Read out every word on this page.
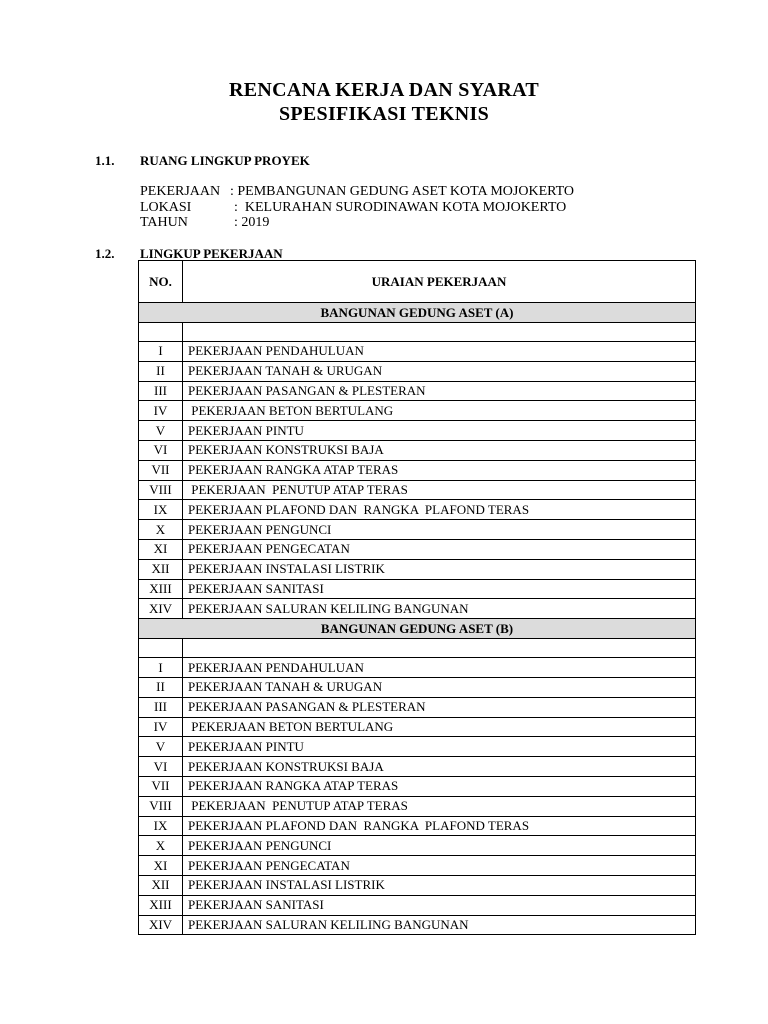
RENCANA KERJA DAN SYARAT
SPESIFIKASI TEKNIS
1.1. RUANG LINGKUP PROYEK
PEKERJAAN : PEMBANGUNAN GEDUNG ASET KOTA MOJOKERTO
LOKASI	: KELURAHAN SURODINAWAN KOTA MOJOKERTO
TAHUN	: 2019
1.2. LINGKUP PEKERJAAN
NO.	URAIAN PEKERJAAN
BANGUNAN GEDUNG ASET (A)	

I	PEKERJAAN PENDAHULUAN
II	PEKERJAAN TANAH & URUGAN
III	PEKERJAAN PASANGAN & PLESTERAN
IV	PEKERJAAN BETON BERTULANG
V	PEKERJAAN PINTU
VI	PEKERJAAN KONSTRUKSI BAJA
VII	PEKERJAAN RANGKA ATAP TERAS
VIII	PEKERJAAN  PENUTUP ATAP TERAS
IX	PEKERJAAN PLAFOND DAN  RANGKA  PLAFOND TERAS
X	PEKERJAAN PENGUNCI
XI	PEKERJAAN PENGECATAN
XII	PEKERJAAN INSTALASI LISTRIK
XIII	PEKERJAAN SANITASI
XIV	PEKERJAAN SALURAN KELILING BANGUNAN
BANGUNAN GEDUNG ASET (B)	

I	PEKERJAAN PENDAHULUAN
II	PEKERJAAN TANAH & URUGAN
III	PEKERJAAN PASANGAN & PLESTERAN
IV	PEKERJAAN BETON BERTULANG
V	PEKERJAAN PINTU
VI	PEKERJAAN KONSTRUKSI BAJA
VII	PEKERJAAN RANGKA ATAP TERAS
VIII	PEKERJAAN  PENUTUP ATAP TERAS
IX	PEKERJAAN PLAFOND DAN  RANGKA  PLAFOND TERAS
X	PEKERJAAN PENGUNCI
XI	PEKERJAAN PENGECATAN
XII	PEKERJAAN INSTALASI LISTRIK
XIII	PEKERJAAN SANITASI
XIV	PEKERJAAN SALURAN KELILING BANGUNAN
